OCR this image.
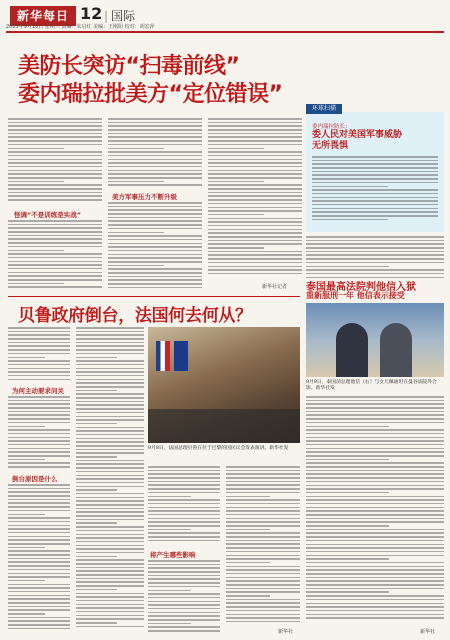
新华每日 12
| 国际
2025年9月10日 星期三 责编：朱启红 美编：王刚阳 校对：胡宏萍
美防长突访“扫毒前线”
委内瑞拉批美方“定位错误”
怪调“不是训练是实战”
美方军事压力不断升级
新华社记者
环球扫描
委内瑞拉防长：
委人民对美国军事威胁
无所畏惧
贝鲁政府倒台，法国何去何从？
为何主动要求问关
倒台原因是什么
9月8日，法国总理贝鲁在位于巴黎的国民议会发表演讲。新华社发
将产生哪些影响
新华社
泰国最高法院判他信入狱
重新服刑一年 他信表示接受
9月9日，泰国前总理他信（右）与女儿佩通坦在曼谷法院外合影。新华社发
新华社
